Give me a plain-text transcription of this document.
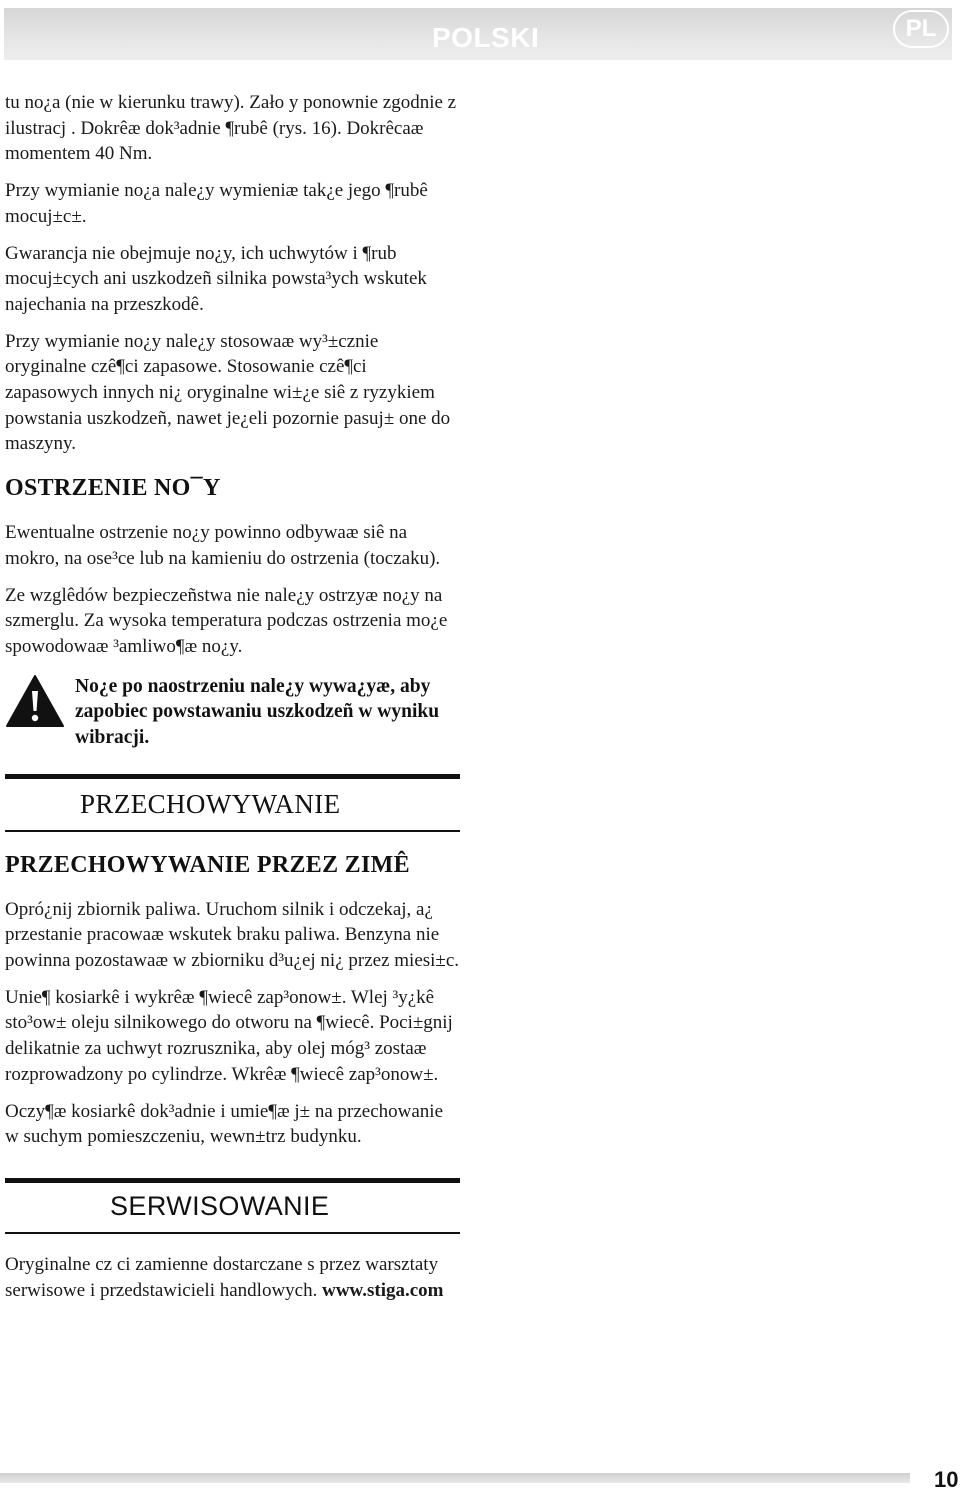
POLSKI	PL

tu no¿a (nie w kierunku trawy). Zało y ponownie zgodnie z ilustracj . Dokrêæ dok³adnie ¶rubê (rys. 16). Dokrêcaæ momentem 40 Nm.

Przy wymianie no¿a nale¿y wymieniæ tak¿e jego ¶rubê mocuj±c±.

Gwarancja nie obejmuje no¿y, ich uchwytów i ¶rub mocuj±cych ani uszkodzeñ silnika powsta³ych wskutek najechania na przeszkodê.

Przy wymianie no¿y nale¿y stosowaæ wy³±cznie oryginalne czê¶ci zapasowe. Stosowanie czê¶ci zapasowych innych ni¿ oryginalne wi±¿e siê z ryzykiem powstania uszkodzeñ, nawet je¿eli pozornie pasuj± one do maszyny.

OSTRZENIE NO¯Y

Ewentualne ostrzenie no¿y powinno odbywaæ siê na mokro, na ose³ce lub na kamieniu do ostrzenia (toczaku).

Ze wzglêdów bezpieczeñstwa nie nale¿y ostrzyæ no¿y na szmerglu. Za wysoka temperatura podczas ostrzenia mo¿e spowodowaæ ³amliwo¶æ no¿y.

No¿e po naostrzeniu nale¿y wywa¿yæ, aby zapobiec powstawaniu uszkodzeñ w wyniku wibracji.
PRZECHOWYWANIE
PRZECHOWYWANIE PRZEZ ZIMÊ

Opró¿nij zbiornik paliwa. Uruchom silnik i odczekaj, a¿ przestanie pracowaæ wskutek braku paliwa. Benzyna nie powinna pozostawaæ w zbiorniku d³u¿ej ni¿ przez miesi±c.

Unie¶ kosiarkê i wykrêæ ¶wiecê zap³onow±. Wlej ³y¿kê sto³ow± oleju silnikowego do otworu na ¶wiecê. Poci±gnij delikatnie za uchwyt rozrusznika, aby olej móg³ zostaæ rozprowadzony po cylindrze. Wkrêæ ¶wiecê zap³onow±.

Oczy¶æ kosiarkê dok³adnie i umie¶æ j± na przechowanie w suchym pomieszczeniu, wewn±trz budynku.

SERWISOWANIE

Oryginalne cz ci zamienne dostarczane s przez warsztaty serwisowe i przedstawicieli handlowych. www.stiga.com

10
